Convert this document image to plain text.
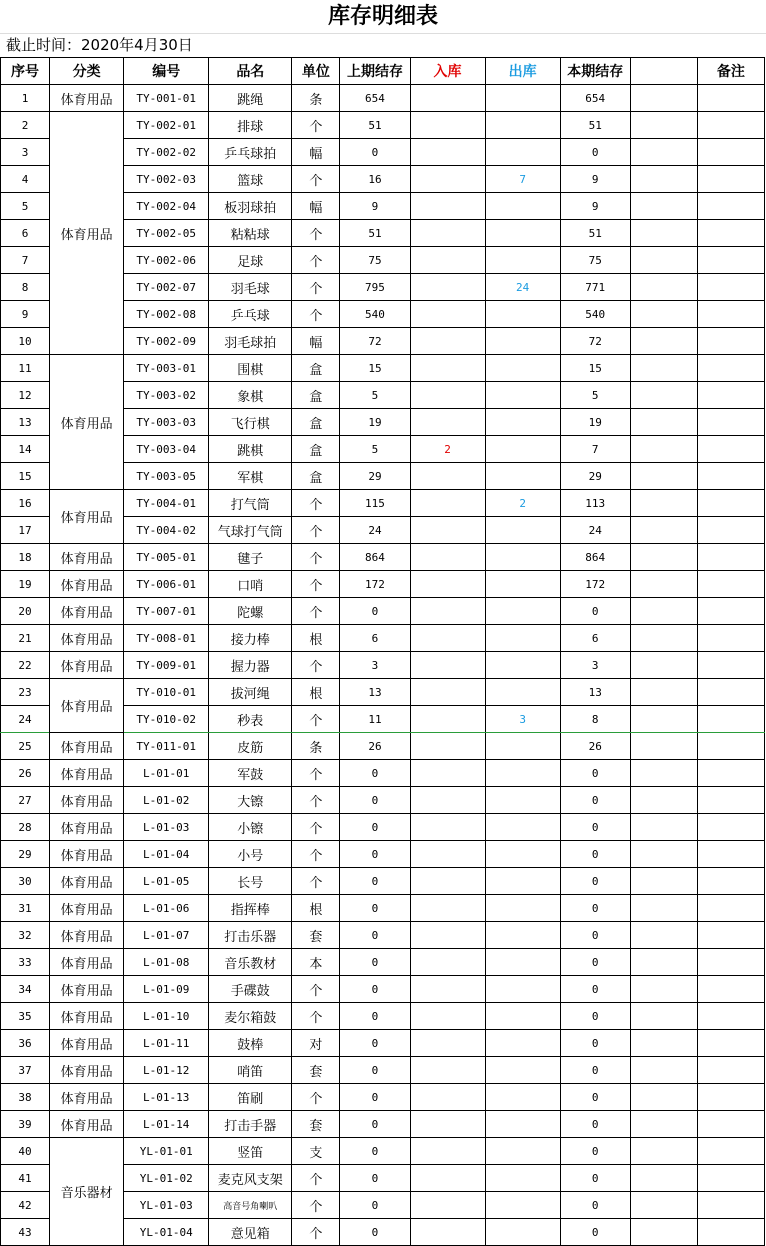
库存明细表
截止时间：2020年4月30日
序号	分类	编号	品名	单位	上期结存	入库	出库	本期结存		备注
1	体育用品	TY-001-01	跳绳	条	654			654		
2	体育用品	TY-002-01	排球	个	51			51		
3		TY-002-02	乒乓球拍	幅	0			0		
4		TY-002-03	篮球	个	16		7	9		
5		TY-002-04	板羽球拍	幅	9			9		
6		TY-002-05	粘粘球	个	51			51		
7		TY-002-06	足球	个	75			75		
8		TY-002-07	羽毛球	个	795		24	771		
9		TY-002-08	乒乓球	个	540			540		
10		TY-002-09	羽毛球拍	幅	72			72		
11	体育用品	TY-003-01	围棋	盒	15			15		
12		TY-003-02	象棋	盒	5			5		
13		TY-003-03	飞行棋	盒	19			19		
14		TY-003-04	跳棋	盒	5	2		7		
15		TY-003-05	军棋	盒	29			29		
16	体育用品	TY-004-01	打气筒	个	115		2	113		
17		TY-004-02	气球打气筒	个	24			24		
18	体育用品	TY-005-01	毽子	个	864			864		
19	体育用品	TY-006-01	口哨	个	172			172		
20	体育用品	TY-007-01	陀螺	个	0			0		
21	体育用品	TY-008-01	接力棒	根	6			6		
22	体育用品	TY-009-01	握力器	个	3			3		
23	体育用品	TY-010-01	拔河绳	根	13			13		
24		TY-010-02	秒表	个	11		3	8		
25	体育用品	TY-011-01	皮筋	条	26			26		
26	体育用品	L-01-01	军鼓	个	0			0		
27	体育用品	L-01-02	大镲	个	0			0		
28	体育用品	L-01-03	小镲	个	0			0		
29	体育用品	L-01-04	小号	个	0			0		
30	体育用品	L-01-05	长号	个	0			0		
31	体育用品	L-01-06	指挥棒	根	0			0		
32	体育用品	L-01-07	打击乐器	套	0			0		
33	体育用品	L-01-08	音乐教材	本	0			0		
34	体育用品	L-01-09	手碟鼓	个	0			0		
35	体育用品	L-01-10	麦尔箱鼓	个	0			0		
36	体育用品	L-01-11	鼓棒	对	0			0		
37	体育用品	L-01-12	哨笛	套	0			0		
38	体育用品	L-01-13	笛刷	个	0			0		
39	体育用品	L-01-14	打击手器	套	0			0		
40	音乐器材	YL-01-01	竖笛	支	0			0		
41		YL-01-02	麦克风支架	个	0			0		
42		YL-01-03	高音号角喇叭	个	0			0		
43		YL-01-04	意见箱	个	0			0		
